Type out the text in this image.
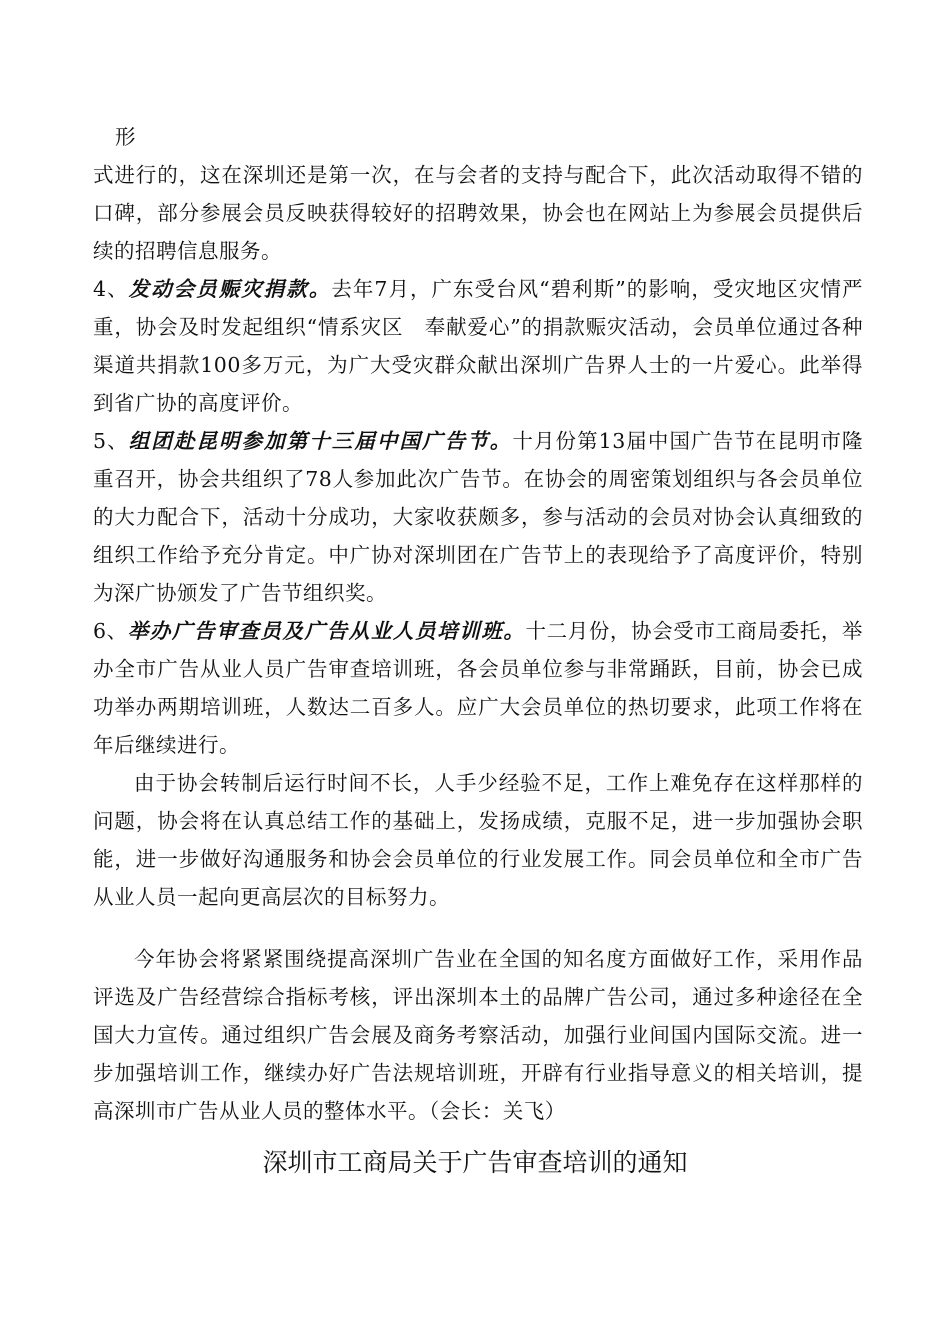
形
式进行的，这在深圳还是第一次，在与会者的支持与配合下，此次活动取得不错的口碑，部分参展会员反映获得较好的招聘效果，协会也在网站上为参展会员提供后续的招聘信息服务。
4、发动会员赈灾捐款。去年7月，广东受台风“碧利斯”的影响，受灾地区灾情严重，协会及时发起组织“情系灾区　奉献爱心”的捐款赈灾活动，会员单位通过各种渠道共捐款100多万元，为广大受灾群众献出深圳广告界人士的一片爱心。此举得到省广协的高度评价。
5、组团赴昆明参加第十三届中国广告节。十月份第13届中国广告节在昆明市隆重召开，协会共组织了78人参加此次广告节。在协会的周密策划组织与各会员单位的大力配合下，活动十分成功，大家收获颇多，参与活动的会员对协会认真细致的组织工作给予充分肯定。中广协对深圳团在广告节上的表现给予了高度评价，特别为深广协颁发了广告节组织奖。
6、举办广告审查员及广告从业人员培训班。十二月份，协会受市工商局委托，举办全市广告从业人员广告审查培训班，各会员单位参与非常踊跃，目前，协会已成功举办两期培训班，人数达二百多人。应广大会员单位的热切要求，此项工作将在年后继续进行。
由于协会转制后运行时间不长，人手少经验不足，工作上难免存在这样那样的问题，协会将在认真总结工作的基础上，发扬成绩，克服不足，进一步加强协会职能，进一步做好沟通服务和协会会员单位的行业发展工作。同会员单位和全市广告从业人员一起向更高层次的目标努力。
今年协会将紧紧围绕提高深圳广告业在全国的知名度方面做好工作，采用作品评选及广告经营综合指标考核，评出深圳本土的品牌广告公司，通过多种途径在全国大力宣传。通过组织广告会展及商务考察活动，加强行业间国内国际交流。进一步加强培训工作，继续办好广告法规培训班，开辟有行业指导意义的相关培训，提高深圳市广告从业人员的整体水平。（会长：关飞）
深圳市工商局关于广告审查培训的通知
